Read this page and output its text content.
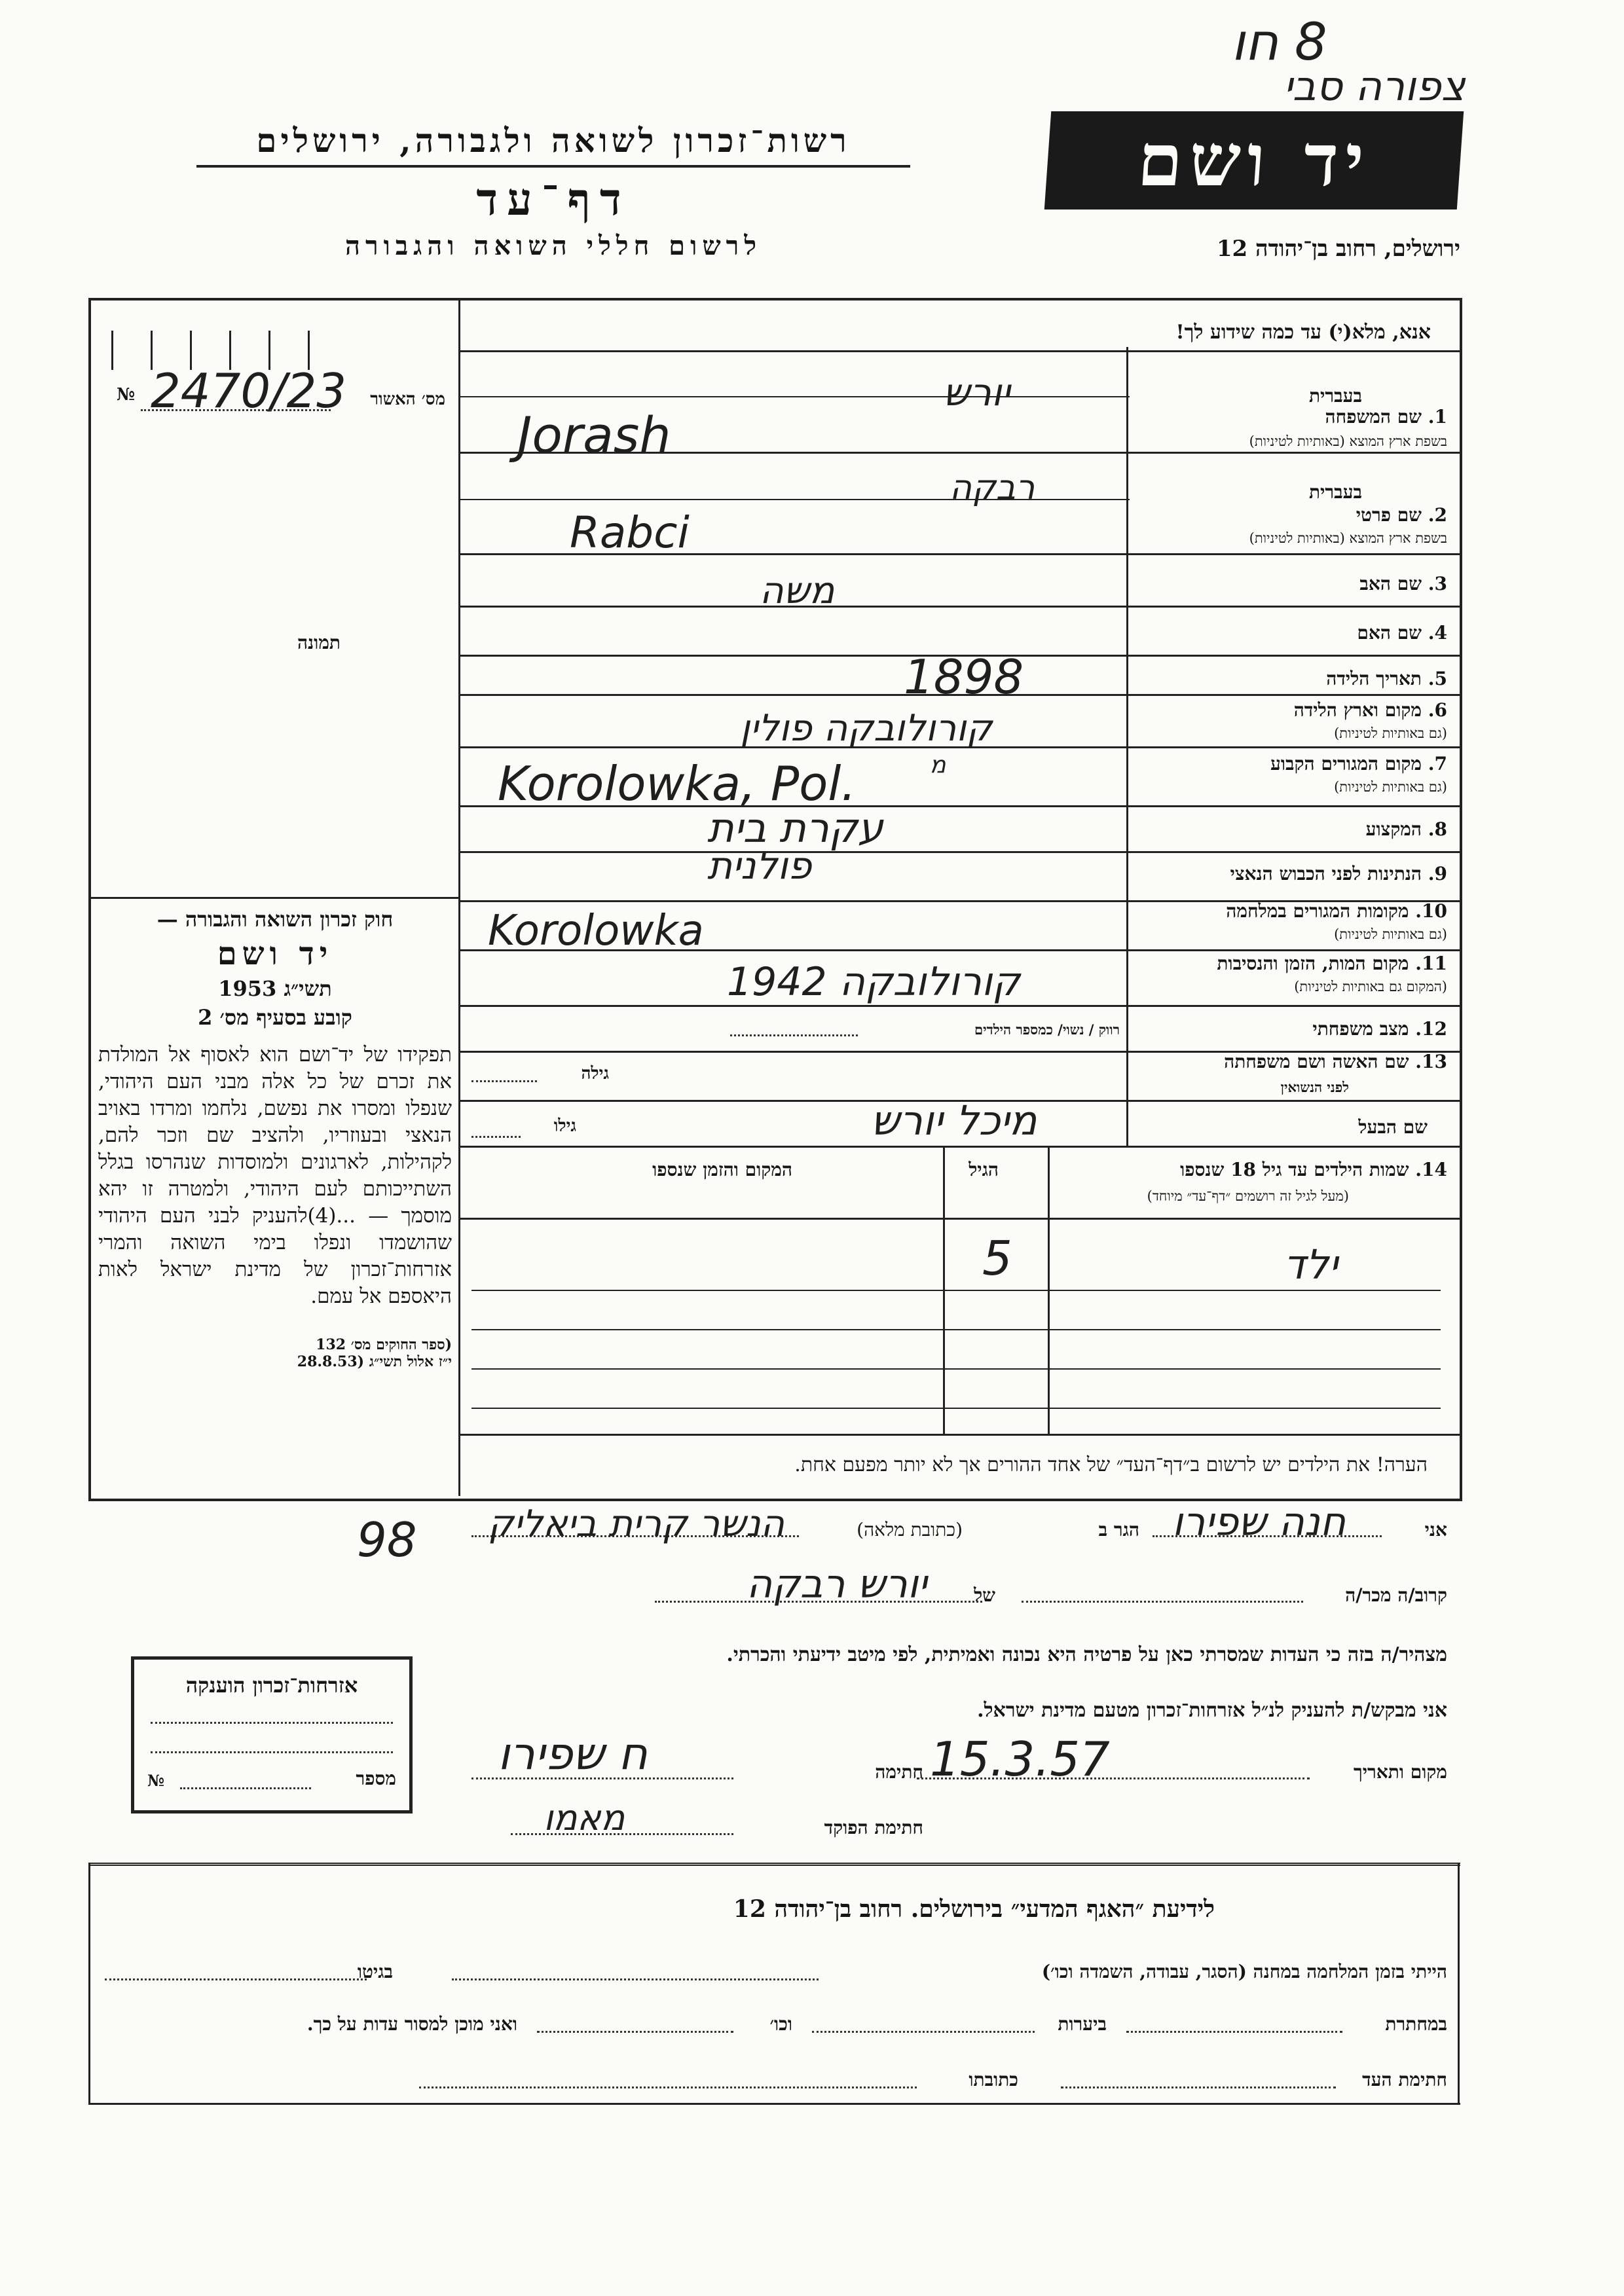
8 חו
צפורה סבי
רשות־זכרון לשואה ולגבורה, ירושלים
דף־עד
לרשום חללי השואה והגבורה
יד ושם
ירושלים, רחוב בן־יהודה 12
אנא, מלא(י) עד כמה שידוע לך!
№ 2470/23 מס׳ האשור
תמונה
חוק זכרון השואה והגבורה —
יד ושם
תשי״ג 1953
קובע בסעיף מס׳ 2
תפקידו של יד־ושם הוא לאסוף אל המולדת את זכרם של כל אלה מבני העם היהודי, שנפלו ומסרו את נפשם, נלחמו ומרדו באויב הנאצי ובעוזריו, ולהציב שם וזכר להם, לקהילות, לארגונים ולמוסדות שנהרסו בגלל השתייכותם לעם היהודי, ולמטרה זו יהא מוסמך — ...(4)להעניק לבני העם היהודי שהושמדו ונפלו בימי השואה והמרי אזרחות־זכרון של מדינת ישראל לאות היאספם אל עמם.
(ספר החוקים מס׳ 132
י״ז אלול תשי״ג (28.8.53
בעברית
1. שם המשפחה
בשפת ארץ המוצא (באותיות לטיניות)
יורש
Jorash
בעברית
2. שם פרטי
בשפת ארץ המוצא (באותיות לטיניות)
רבקה
Rabci
3. שם האב
משה
4. שם האם
5. תאריך הלידה
1898
6. מקום וארץ הלידה
(גם באותיות לטיניות)
קורולובקה פולין
7. מקום המגורים הקבוע
(גם באותיות לטיניות)
Korolowka, Pol.	מ
8. המקצוע
עקרת בית
9. הנתינות לפני הכבוש הנאצי
פולנית
10. מקומות המגורים במלחמה
(גם באותיות לטיניות)
Korolowka
11. מקום המות, הזמן והנסיבות
(המקום גם באותיות לטיניות)
קורולובקה 1942
12. מצב משפחתי
רווק / נשוי/ כמספר הילדים
13. שם האשה ושם משפחתה
לפני הנשואין
גילה
שם הבעל
גילו	מיכל יורש
14. שמות הילדים עד גיל 18 שנספו
(מעל לגיל זה רושמים ״דף־עד״ מיוחד)
הגיל
המקום והזמן שנספו
ילד
5
הערה! את הילדים יש לרשום ב״דף־העד״ של אחד ההורים אך לא יותר מפעם אחת.
אני
חנה שפירו
הגר ב
(כתובת מלאה)
הנשר קרית ביאליק
98
קרוב/ה מכר/ה
של
יורש רבקה
מצהיר/ה בזה כי העדות שמסרתי כאן על פרטיה היא נכונה ואמיתית, לפי מיטב ידיעתי והכרתי.
אני מבקש/ת להעניק לנ״ל אזרחות־זכרון מטעם מדינת ישראל.
מקום ותאריך
15.3.57
חתימה
ח שפירו
חתימת הפוקד
מאמו
אזרחות־זכרון הוענקה
№	מספר
לידיעת ״האגף המדעי״ בירושלים. רחוב בן־יהודה 12
הייתי בזמן המלחמה במחנה (הסגר, עבודה, השמדה וכו׳)
בגיטו
במחתרת
ביערות
וכו׳
ואני מוכן למסור עדות על כך.
חתימת העד
כתובתו
